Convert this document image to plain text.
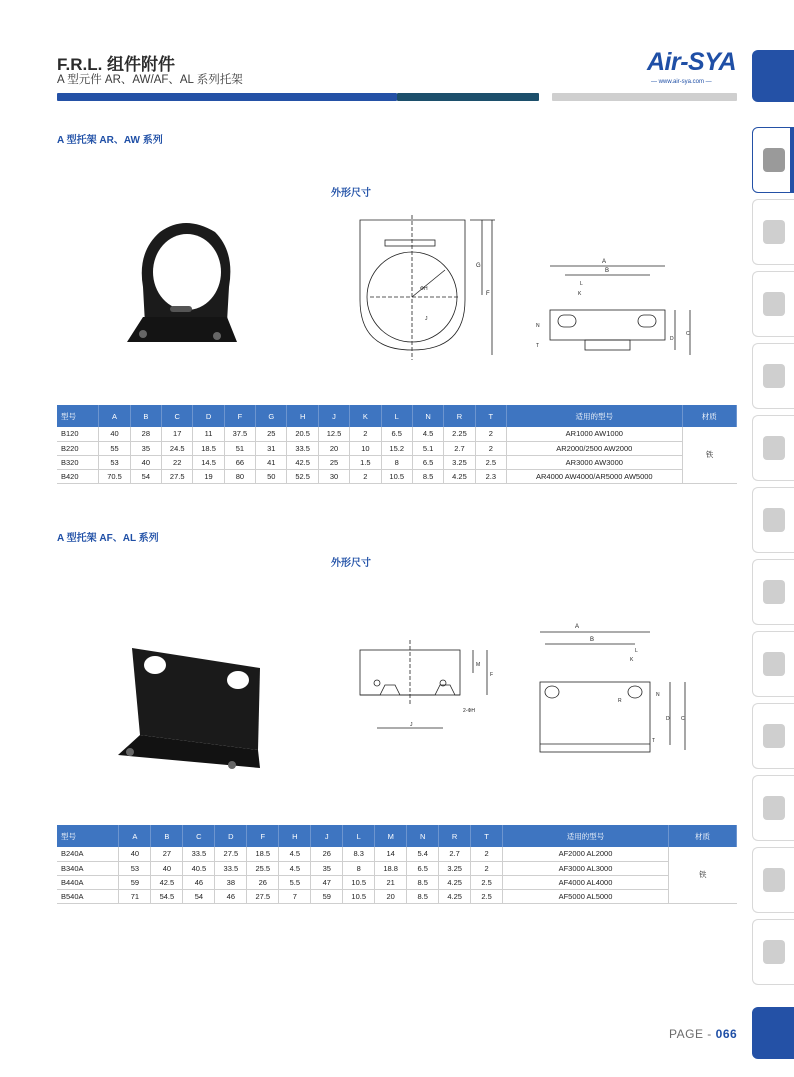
F.R.L. 组件附件
A 型元件 AR、AW/AF、AL 系列托架
Air-SYA
— www.air-sya.com —
A 型托架 AR、AW 系列
外形尺寸
G
F
ΦH
J
A
B
L
K
D
C
N
T
型号	A	B	C	D	F	G	H	J	K	L	N	R	T	适用的型号	材质
B120	40	28	17	11	37.5	25	20.5	12.5	2	6.5	4.5	2.25	2	AR1000 AW1000	铁
B220	55	35	24.5	18.5	51	31	33.5	20	10	15.2	5.1	2.7	2	AR2000/2500 AW2000	
B320	53	40	22	14.5	66	41	42.5	25	1.5	8	6.5	3.25	2.5	AR3000 AW3000	
B420	70.5	54	27.5	19	80	50	52.5	30	2	10.5	8.5	4.25	2.3	AR4000 AW4000/AR5000 AW5000	
A 型托架 AF、AL 系列
外形尺寸
M
F
J
2-ΦH
A
B
L
K
D C
N
R
T
型号	A	B	C	D	F	H	J	L	M	N	R	T	适用的型号	材质
B240A	40	27	33.5	27.5	18.5	4.5	26	8.3	14	5.4	2.7	2	AF2000 AL2000	铁
B340A	53	40	40.5	33.5	25.5	4.5	35	8	18.8	6.5	3.25	2	AF3000 AL3000	
B440A	59	42.5	46	38	26	5.5	47	10.5	21	8.5	4.25	2.5	AF4000 AL4000	
B540A	71	54.5	54	46	27.5	7	59	10.5	20	8.5	4.25	2.5	AF5000 AL5000	
PAGE - 066
